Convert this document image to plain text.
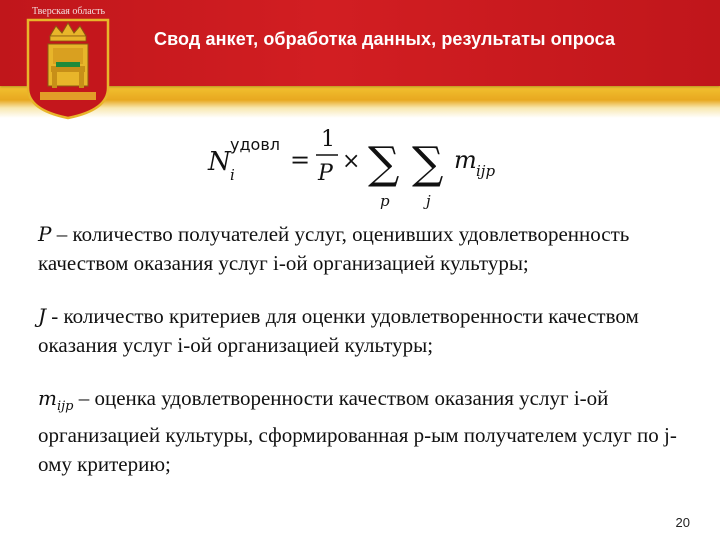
Тверская область
Свод анкет, обработка данных, результаты опроса
N
удовл
i
=
1
P × ∑
p
∑
j
m ijp

P – количество получателей услуг, оценивших удовлетворенность качеством оказания услуг i-ой организацией культуры;

J - количество критериев для оценки удовлетворенности качеством оказания услуг i-ой организацией культуры;

$m_{ijp}$ – оценка удовлетворенности качеством оказания услуг i-ой организацией культуры, сформированная p-ым получателем услуг по j-ому критерию;

20
